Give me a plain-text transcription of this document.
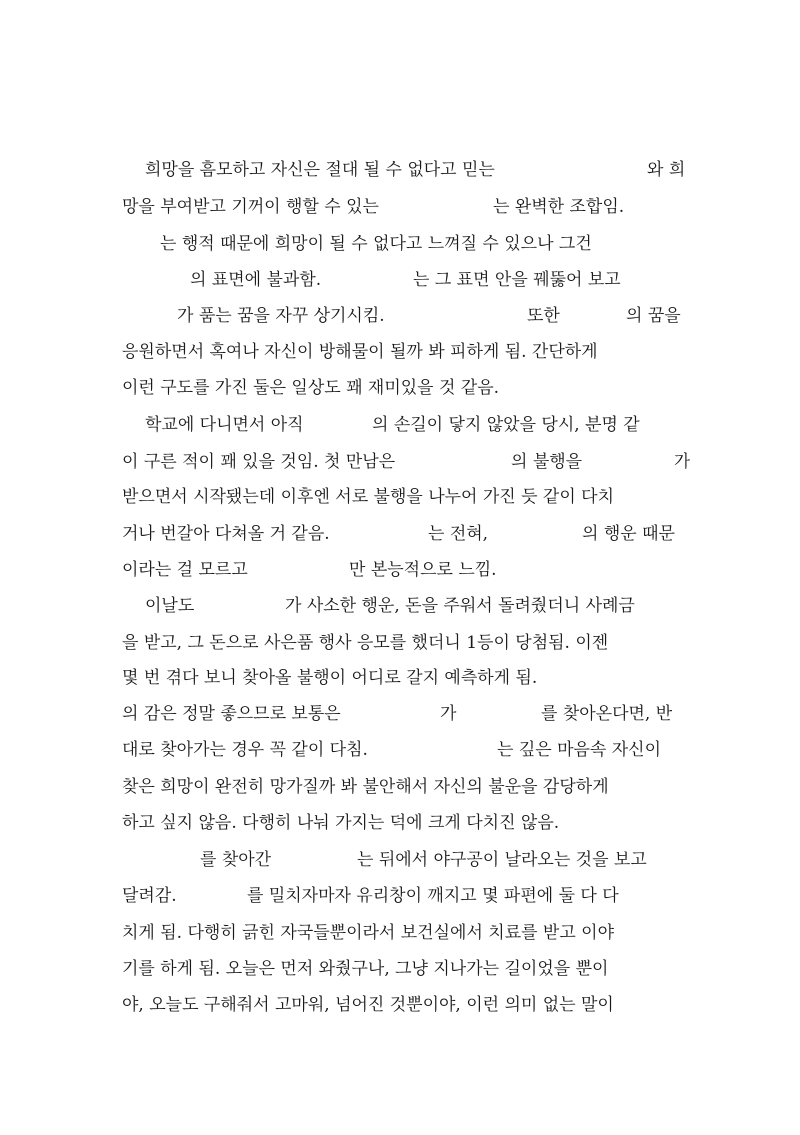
희망을 흠모하고 자신은 절대 될 수 없다고 믿는

	와 희

망을 부여받고 기꺼이 행할 수 있는

	는 완벽한 조합임.

는 행적 때문에 희망이 될 수 없다고 느껴질 수 있으나 그건

의 표면에 불과함.

	는 그 표면 안을 꿰뚫어 보고

가 품는 꿈을 자꾸 상기시킴.

	또한

	의 꿈을

응원하면서 혹여나 자신이 방해물이 될까 봐 피하게 됨. 간단하게

이런 구도를 가진 둘은 일상도 꽤 재미있을 것 같음.

학교에 다니면서 아직

	의 손길이 닿지 않았을 당시, 분명 같

이 구른 적이 꽤 있을 것임. 첫 만남은

	의 불행을

	가

받으면서 시작됐는데 이후엔 서로 불행을 나누어 가진 듯 같이 다치

거나 번갈아 다쳐올 거 같음.

	는 전혀,

	의 행운 때문

이라는 걸 모르고

	만 본능적으로 느낌.

이날도

	가 사소한 행운, 돈을 주워서 돌려줬더니 사례금

을 받고, 그 돈으로 사은품 행사 응모를 했더니 1등이 당첨됨. 이젠

몇 번 겪다 보니 찾아올 불행이 어디로 갈지 예측하게 됨.

의 감은 정말 좋으므로 보통은

	가

	를 찾아온다면, 반

대로 찾아가는 경우 꼭 같이 다침.

	는 깊은 마음속 자신이

찾은 희망이 완전히 망가질까 봐 불안해서 자신의 불운을 감당하게

하고 싶지 않음. 다행히 나눠 가지는 덕에 크게 다치진 않음.

를 찾아간

	는 뒤에서 야구공이 날라오는 것을 보고

달려감.

	를 밀치자마자 유리창이 깨지고 몇 파편에 둘 다 다

치게 됨. 다행히 긁힌 자국들뿐이라서 보건실에서 치료를 받고 이야

기를 하게 됨. 오늘은 먼저 와줬구나, 그냥 지나가는 길이었을 뿐이

야, 오늘도 구해줘서 고마워, 넘어진 것뿐이야, 이런 의미 없는 말이
